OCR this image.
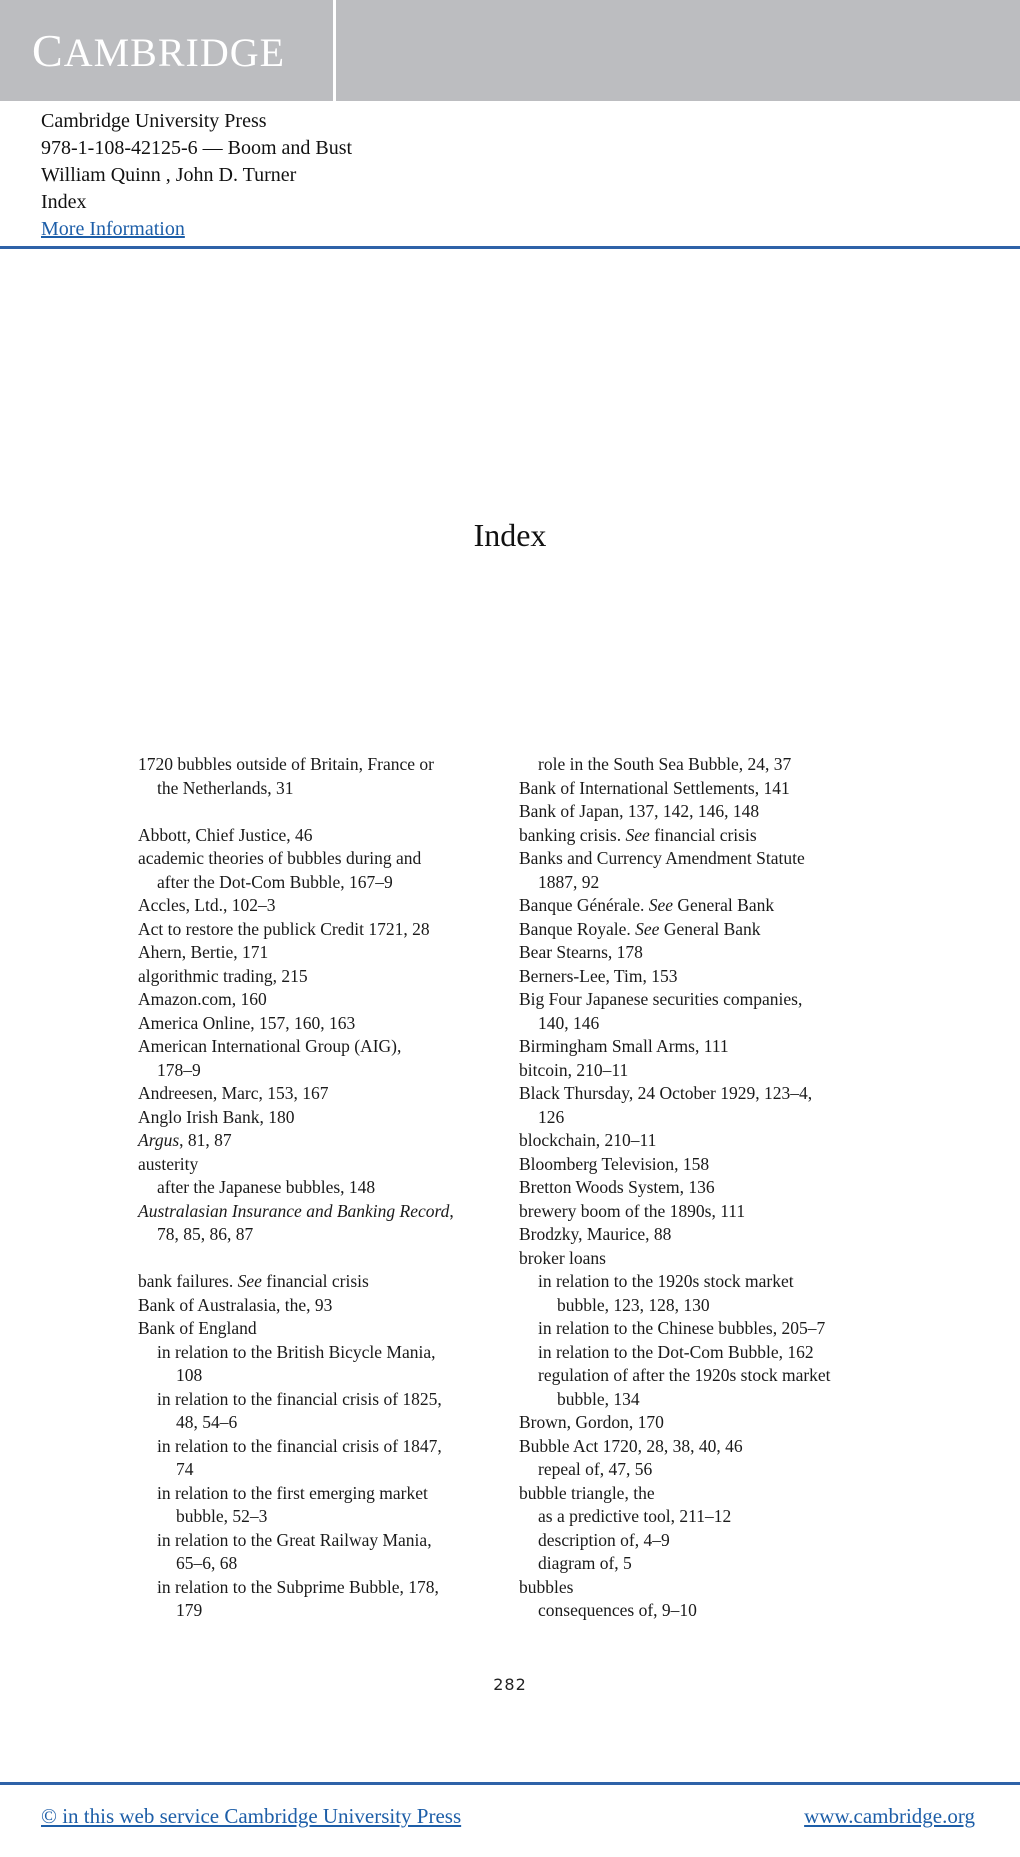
CAMBRIDGE
Cambridge University Press
978-1-108-42125-6 — Boom and Bust
William Quinn , John D. Turner
Index
More Information
Index
1720 bubbles outside of Britain, France or
the Netherlands, 31
Abbott, Chief Justice, 46
academic theories of bubbles during and
after the Dot-Com Bubble, 167–9
Accles, Ltd., 102–3
Act to restore the publick Credit 1721, 28
Ahern, Bertie, 171
algorithmic trading, 215
Amazon.com, 160
America Online, 157, 160, 163
American International Group (AIG),
178–9
Andreesen, Marc, 153, 167
Anglo Irish Bank, 180
Argus, 81, 87
austerity
after the Japanese bubbles, 148
Australasian Insurance and Banking Record,
78, 85, 86, 87
bank failures. See financial crisis
Bank of Australasia, the, 93
Bank of England
in relation to the British Bicycle Mania,
108
in relation to the financial crisis of 1825,
48, 54–6
in relation to the financial crisis of 1847,
74
in relation to the first emerging market
bubble, 52–3
in relation to the Great Railway Mania,
65–6, 68
in relation to the Subprime Bubble, 178,
179
role in the South Sea Bubble, 24, 37
Bank of International Settlements, 141
Bank of Japan, 137, 142, 146, 148
banking crisis. See financial crisis
Banks and Currency Amendment Statute
1887, 92
Banque Générale. See General Bank
Banque Royale. See General Bank
Bear Stearns, 178
Berners-Lee, Tim, 153
Big Four Japanese securities companies,
140, 146
Birmingham Small Arms, 111
bitcoin, 210–11
Black Thursday, 24 October 1929, 123–4,
126
blockchain, 210–11
Bloomberg Television, 158
Bretton Woods System, 136
brewery boom of the 1890s, 111
Brodzky, Maurice, 88
broker loans
in relation to the 1920s stock market
bubble, 123, 128, 130
in relation to the Chinese bubbles, 205–7
in relation to the Dot-Com Bubble, 162
regulation of after the 1920s stock market
bubble, 134
Brown, Gordon, 170
Bubble Act 1720, 28, 38, 40, 46
repeal of, 47, 56
bubble triangle, the
as a predictive tool, 211–12
description of, 4–9
diagram of, 5
bubbles
consequences of, 9–10
282
© in this web service Cambridge University Press	www.cambridge.org
